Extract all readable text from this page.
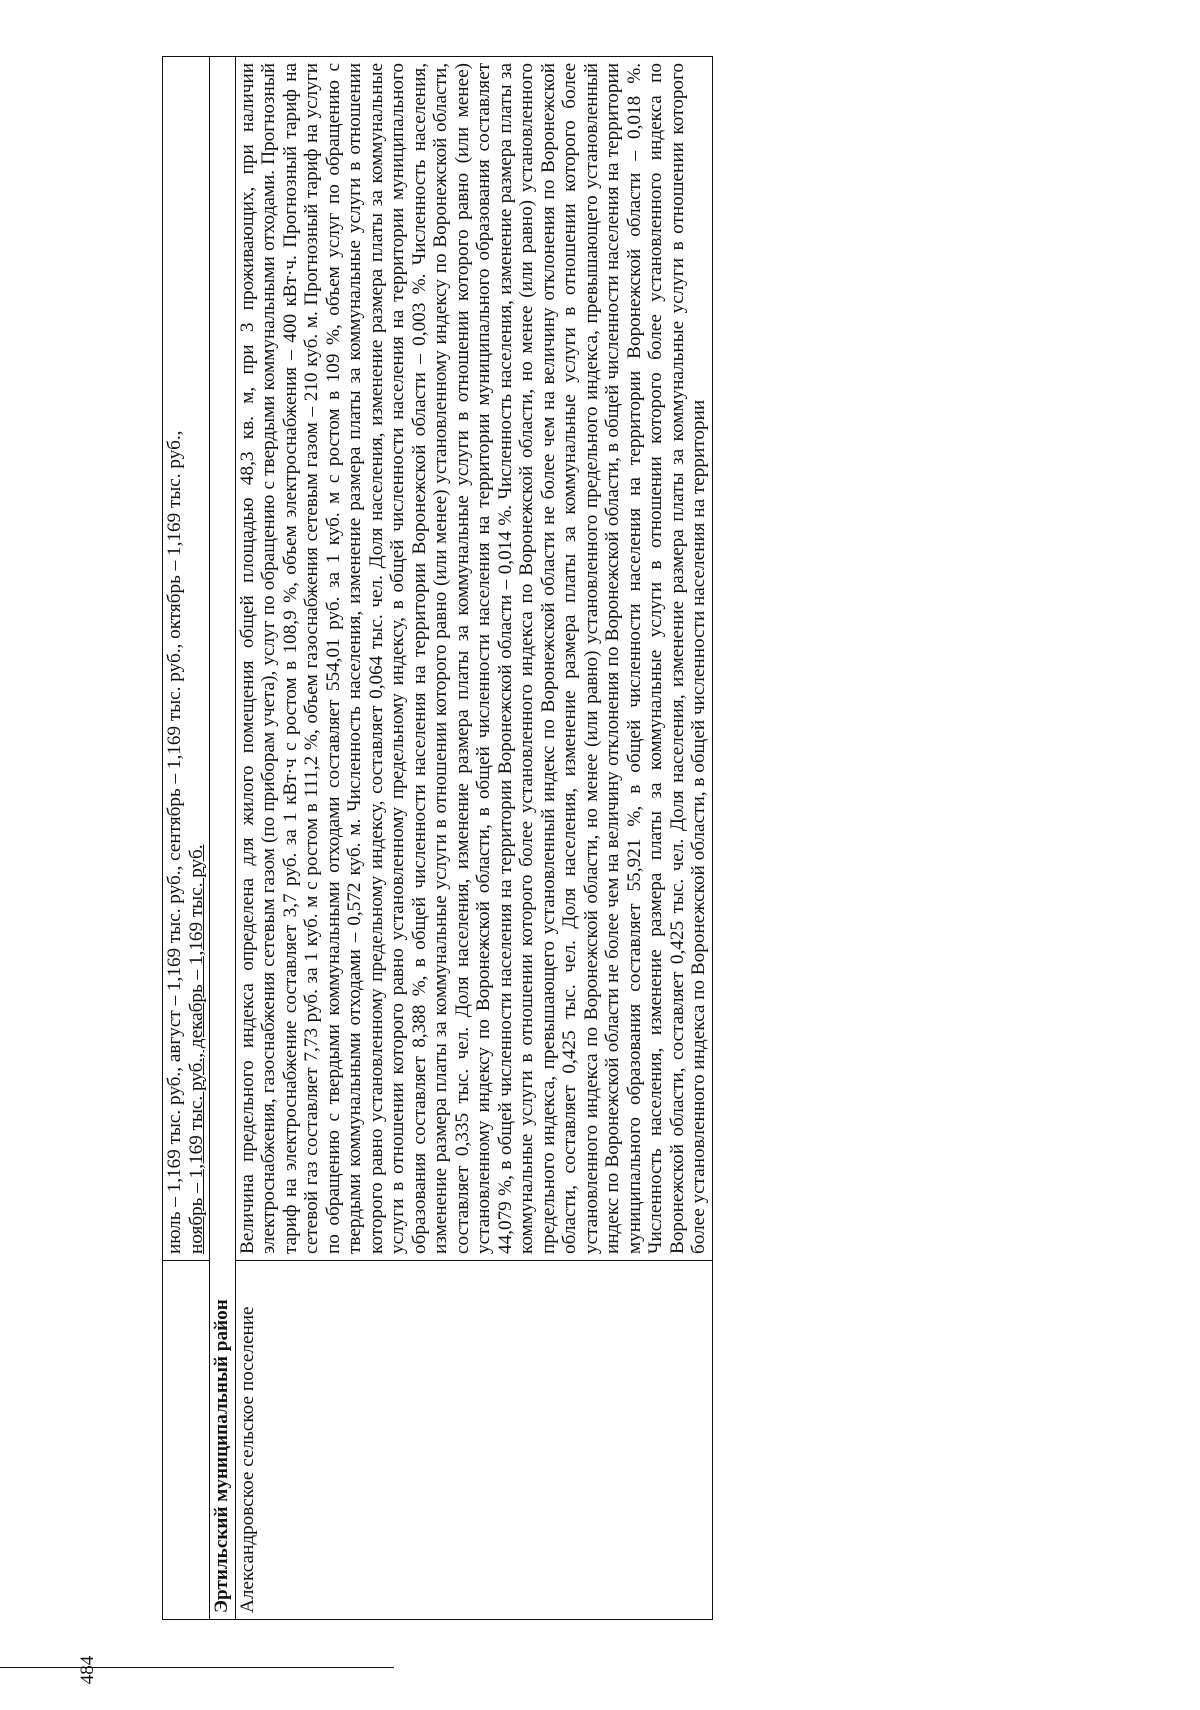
484

	июль – 1,169 тыс. руб., август – 1,169 тыс. руб., сентябрь – 1,169 тыс. руб., октябрь – 1,169 тыс. руб., ноябрь – 1,169 тыс. руб., декабрь – 1,169 тыс. руб.

Эртильский муниципальный район	
Александровское сельское поселение	Величина предельного индекса определена для жилого помещения общей площадью 48,3 кв. м, при 3 проживающих, при наличии электроснабжения, газоснабжения сетевым газом (по приборам учета), услуг по обращению с твердыми коммунальными отходами. Прогнозный тариф на электроснабжение составляет 3,7 руб. за 1 кВт·ч с ростом в 108,9 %, объем электроснабжения – 400 кВт·ч. Прогнозный тариф на сетевой газ составляет 7,73 руб. за 1 куб. м с ростом в 111,2 %, объем газоснабжения сетевым газом – 210 куб. м. Прогнозный тариф на услуги по обращению с твердыми коммунальными отходами составляет 554,01 руб. за 1 куб. м с ростом в 109 %, объем услуг по обращению с твердыми коммунальными отходами – 0,572 куб. м. Численность населения, изменение размера платы за коммунальные услуги в отношении которого равно установленному предельному индексу, составляет 0,064 тыс. чел. Доля населения, изменение размера платы за коммунальные услуги в отношении которого равно установленному предельному индексу, в общей численности населения на территории муниципального образования составляет 8,388 %, в общей численности населения на территории Воронежской области – 0,003 %. Численность населения, изменение размера платы за коммунальные услуги в отношении которого равно (или менее) установленному индексу по Воронежской области, составляет 0,335 тыс. чел. Доля населения, изменение размера платы за коммунальные услуги в отношении которого равно (или менее) установленному индексу по Воронежской области, в общей численности населения на территории муниципального образования составляет 44,079 %, в общей численности населения на территории Воронежской области – 0,014 %. Численность населения, изменение размера платы за коммунальные услуги в отношении которого более установленного индекса по Воронежской области, но менее (или равно) установленного предельного индекса, превышающего установленный индекс по Воронежской области не более чем на величину отклонения по Воронежской области, составляет 0,425 тыс. чел. Доля населения, изменение размера платы за коммунальные услуги в отношении которого более установленного индекса по Воронежской области, но менее (или равно) установленного предельного индекса, превышающего установленный индекс по Воронежской области не более чем на величину отклонения по Воронежской области, в общей численности населения на территории муниципального образования составляет 55,921 %, в общей численности населения на территории Воронежской области – 0,018 %. Численность населения, изменение размера платы за коммунальные услуги в отношении которого более установленного индекса по Воронежской области, составляет 0,425 тыс. чел. Доля населения, изменение размера платы за коммунальные услуги в отношении которого более установленного индекса по Воронежской области, в общей численности населения на территории
